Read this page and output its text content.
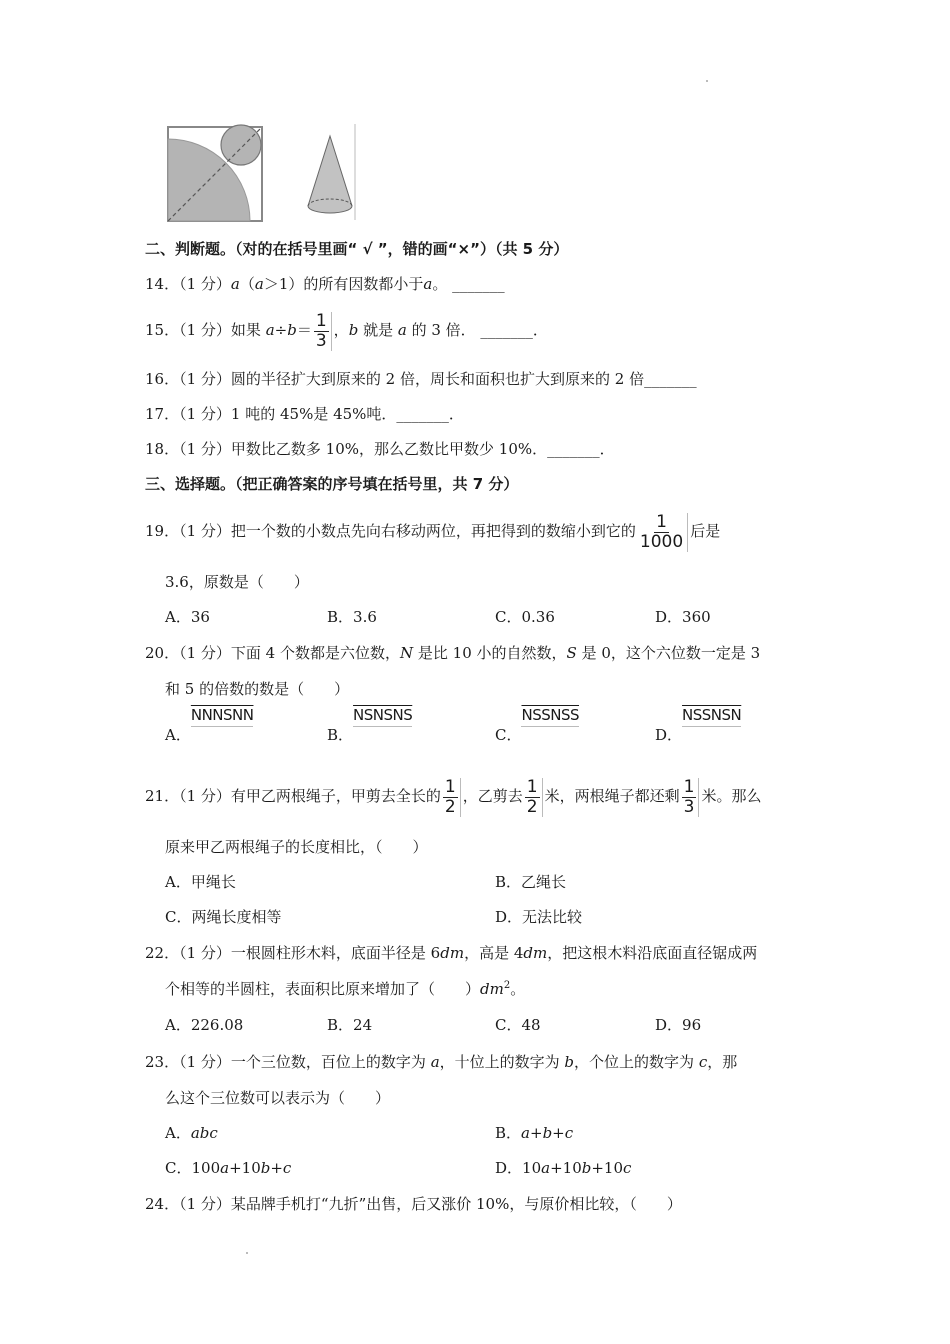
二、判断题。（对的在括号里画“ √ ”，错的画“×”）（共 5 分）
14．（1 分）a（a＞1）的所有因数都小于a。 _______
15．（1 分）如果 $a\div b= \frac{1}{3}$ ，b 就是 a 的 3 倍． _______．
16．（1 分）圆的半径扩大到原来的 2 倍，周长和面积也扩大到原来的 2 倍_______
17．（1 分）1 吨的 45%是 45%吨．_______．
18．（1 分）甲数比乙数多 10%，那么乙数比甲数少 10%．_______．
三、选择题。（把正确答案的序号填在括号里，共 7 分）
19．（1 分）把一个数的小数点先向右移动两位，再把得到的数缩小到它的 $\frac{1}{1000}$ 后是
3.6，原数是（　　）
A．36	B．3.6	C．0.36	D．360
20．（1 分）下面 4 个数都是六位数，N 是比 10 小的自然数，S 是 0，这个六位数一定是 3
和 5 的倍数的数是（　　）
A．NNNSNN
B．NSNSNS
C．NSSNSS
D．NSSNSN
21．（1 分）有甲乙两根绳子，甲剪去全长的 $\frac{1}{2}$ ，乙剪去 $\frac{1}{2}$ 米，两根绳子都还剩 $\frac{1}{3}$ 米。那么
原来甲乙两根绳子的长度相比，（　　）
A．甲绳长	B．乙绳长
C．两绳长度相等	D．无法比较
22．（1 分）一根圆柱形木料，底面半径是 6dm，高是 4dm，把这根木料沿底面直径锯成两
个相等的半圆柱，表面积比原来增加了（　　）$dm^2$。
A．226.08	B．24	C．48	D．96
23．（1 分）一个三位数，百位上的数字为 a，十位上的数字为 b，个位上的数字为 c，那
么这个三位数可以表示为（　　）
A．abc	B．a+b+c
C．100a+10b+c	D．10a+10b+10c
24．（1 分）某品牌手机打“九折”出售，后又涨价 10%，与原价相比较，（　　）
